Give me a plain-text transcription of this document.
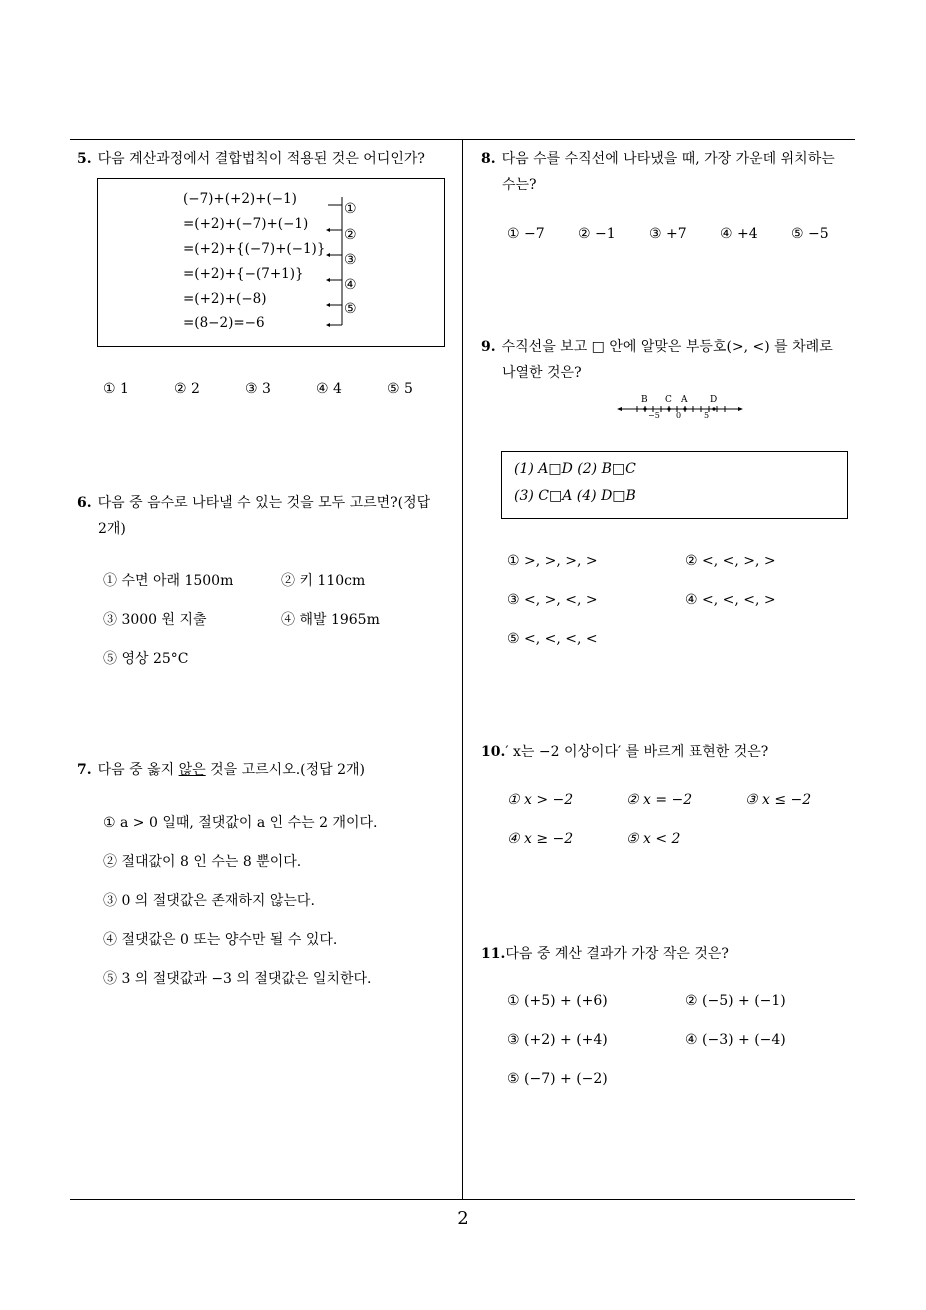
5. 다음 계산과정에서 결합법칙이 적용된 것은 어디인가?
(−7)+(+2)+(−1)
=(+2)+(−7)+(−1)
=(+2)+{(−7)+(−1)}
=(+2)+{−(7+1)}
=(+2)+(−8)
=(8−2)=−6
①
②
③
④
⑤
① 1	② 2	③ 3	④ 4	⑤ 5
6. 다음 중 음수로 나타낼 수 있는 것을 모두 고르면?(정답
2개)
① 수면 아래 1500m	② 키 110cm
③ 3000 원 지출	④ 해발 1965m
⑤ 영상 25°C
7. 다음 중 옳지 않은 것을 고르시오.(정답 2개)
① a > 0 일때, 절댓값이 a 인 수는 2 개이다.
② 절대값이 8 인 수는 8 뿐이다.
③ 0 의 절댓값은 존재하지 않는다.
④ 절댓값은 0 또는 양수만 될 수 있다.
⑤ 3 의 절댓값과 −3 의 절댓값은 일치한다.
8. 다음 수를 수직선에 나타냈을 때, 가장 가운데 위치하는
수는?
① −7 ② −1 ③ +7 ④ +4 ⑤ −5
9. 수직선을 보고 □ 안에 알맞은 부등호(>, <) 를 차례로
나열한 것은?
B C A	D
−5 0	5
(1) A□D (2) B□C
(3) C□A (4) D□B
① >, >, >, >	② <, <, >, >
③ <, >, <, >	④ <, <, <, >
⑤ <, <, <, <
10.′ x는 −2 이상이다′ 를 바르게 표현한 것은?
① x > −2	② x = −2	③ x ≤ −2
④ x ≥ −2	⑤ x < 2
11.다음 중 계산 결과가 가장 작은 것은?
① (+5) + (+6)	② (−5) + (−1)
③ (+2) + (+4)	④ (−3) + (−4)
⑤ (−7) + (−2)
2
